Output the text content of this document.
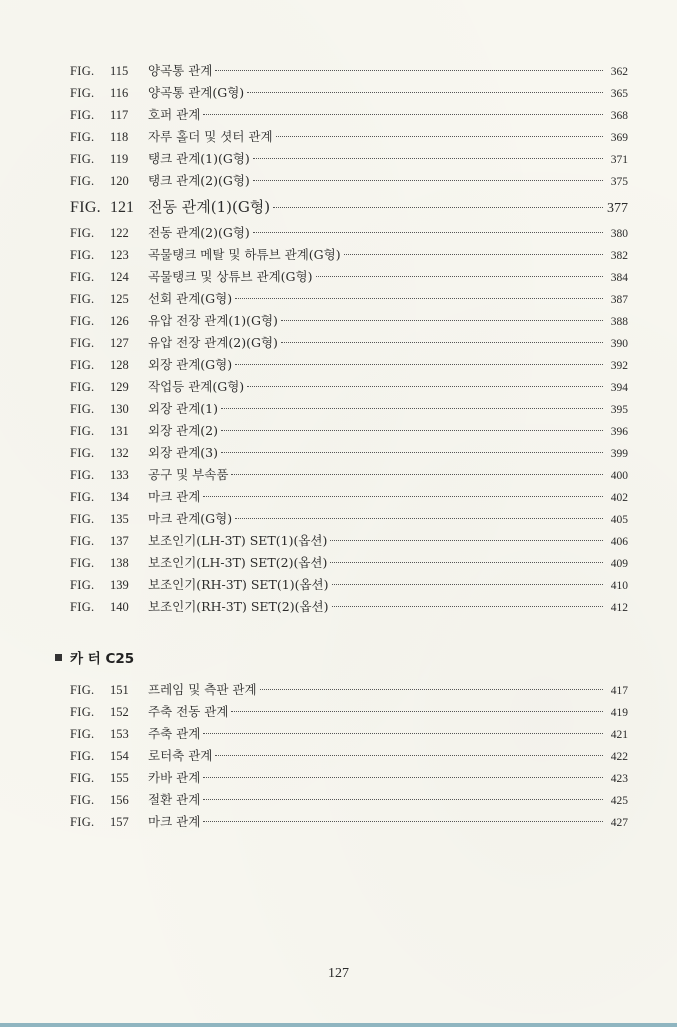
FIG.	115	양곡통 관계	362
FIG.	116	양곡통 관계(G형)	365
FIG.	117	호퍼 관계	368
FIG.	118	자루 홀더 및 셧터 관계	369
FIG.	119	탱크 관계(1)(G형)	371
FIG.	120	탱크 관계(2)(G형)	375
FIG. 121 전동 관계(1)(G형)	377
FIG.	122	전동 관계(2)(G형)	380
FIG.	123	곡물탱크 메탈 및 하튜브 관계(G형)	382
FIG.	124	곡물탱크 및 상튜브 관계(G형)	384
FIG.	125	선회 관계(G형)	387
FIG.	126	유압 전장 관계(1)(G형)	388
FIG.	127	유압 전장 관계(2)(G형)	390
FIG.	128	외장 관계(G형)	392
FIG.	129	작업등 관계(G형)	394
FIG.	130	외장 관계(1)	395
FIG.	131	외장 관계(2)	396
FIG.	132	외장 관계(3)	399
FIG.	133	공구 및 부속품	400
FIG.	134	마크 관계	402
FIG.	135	마크 관계(G형)	405
FIG.	137	보조인기(LH-3T) SET(1)(옵션)	406
FIG.	138	보조인기(LH-3T) SET(2)(옵션)	409
FIG.	139	보조인기(RH-3T) SET(1)(옵션)	410
FIG.	140	보조인기(RH-3T) SET(2)(옵션)	412
카 터 C25
FIG.	151	프레임 및 측판 관계	417
FIG.	152	주축 전동 관계	419
FIG.	153	주축 관계	421
FIG.	154	로터축 관계	422
FIG.	155	카바 관계	423
FIG.	156	절환 관계	425
FIG.	157	마크 관계	427
127
